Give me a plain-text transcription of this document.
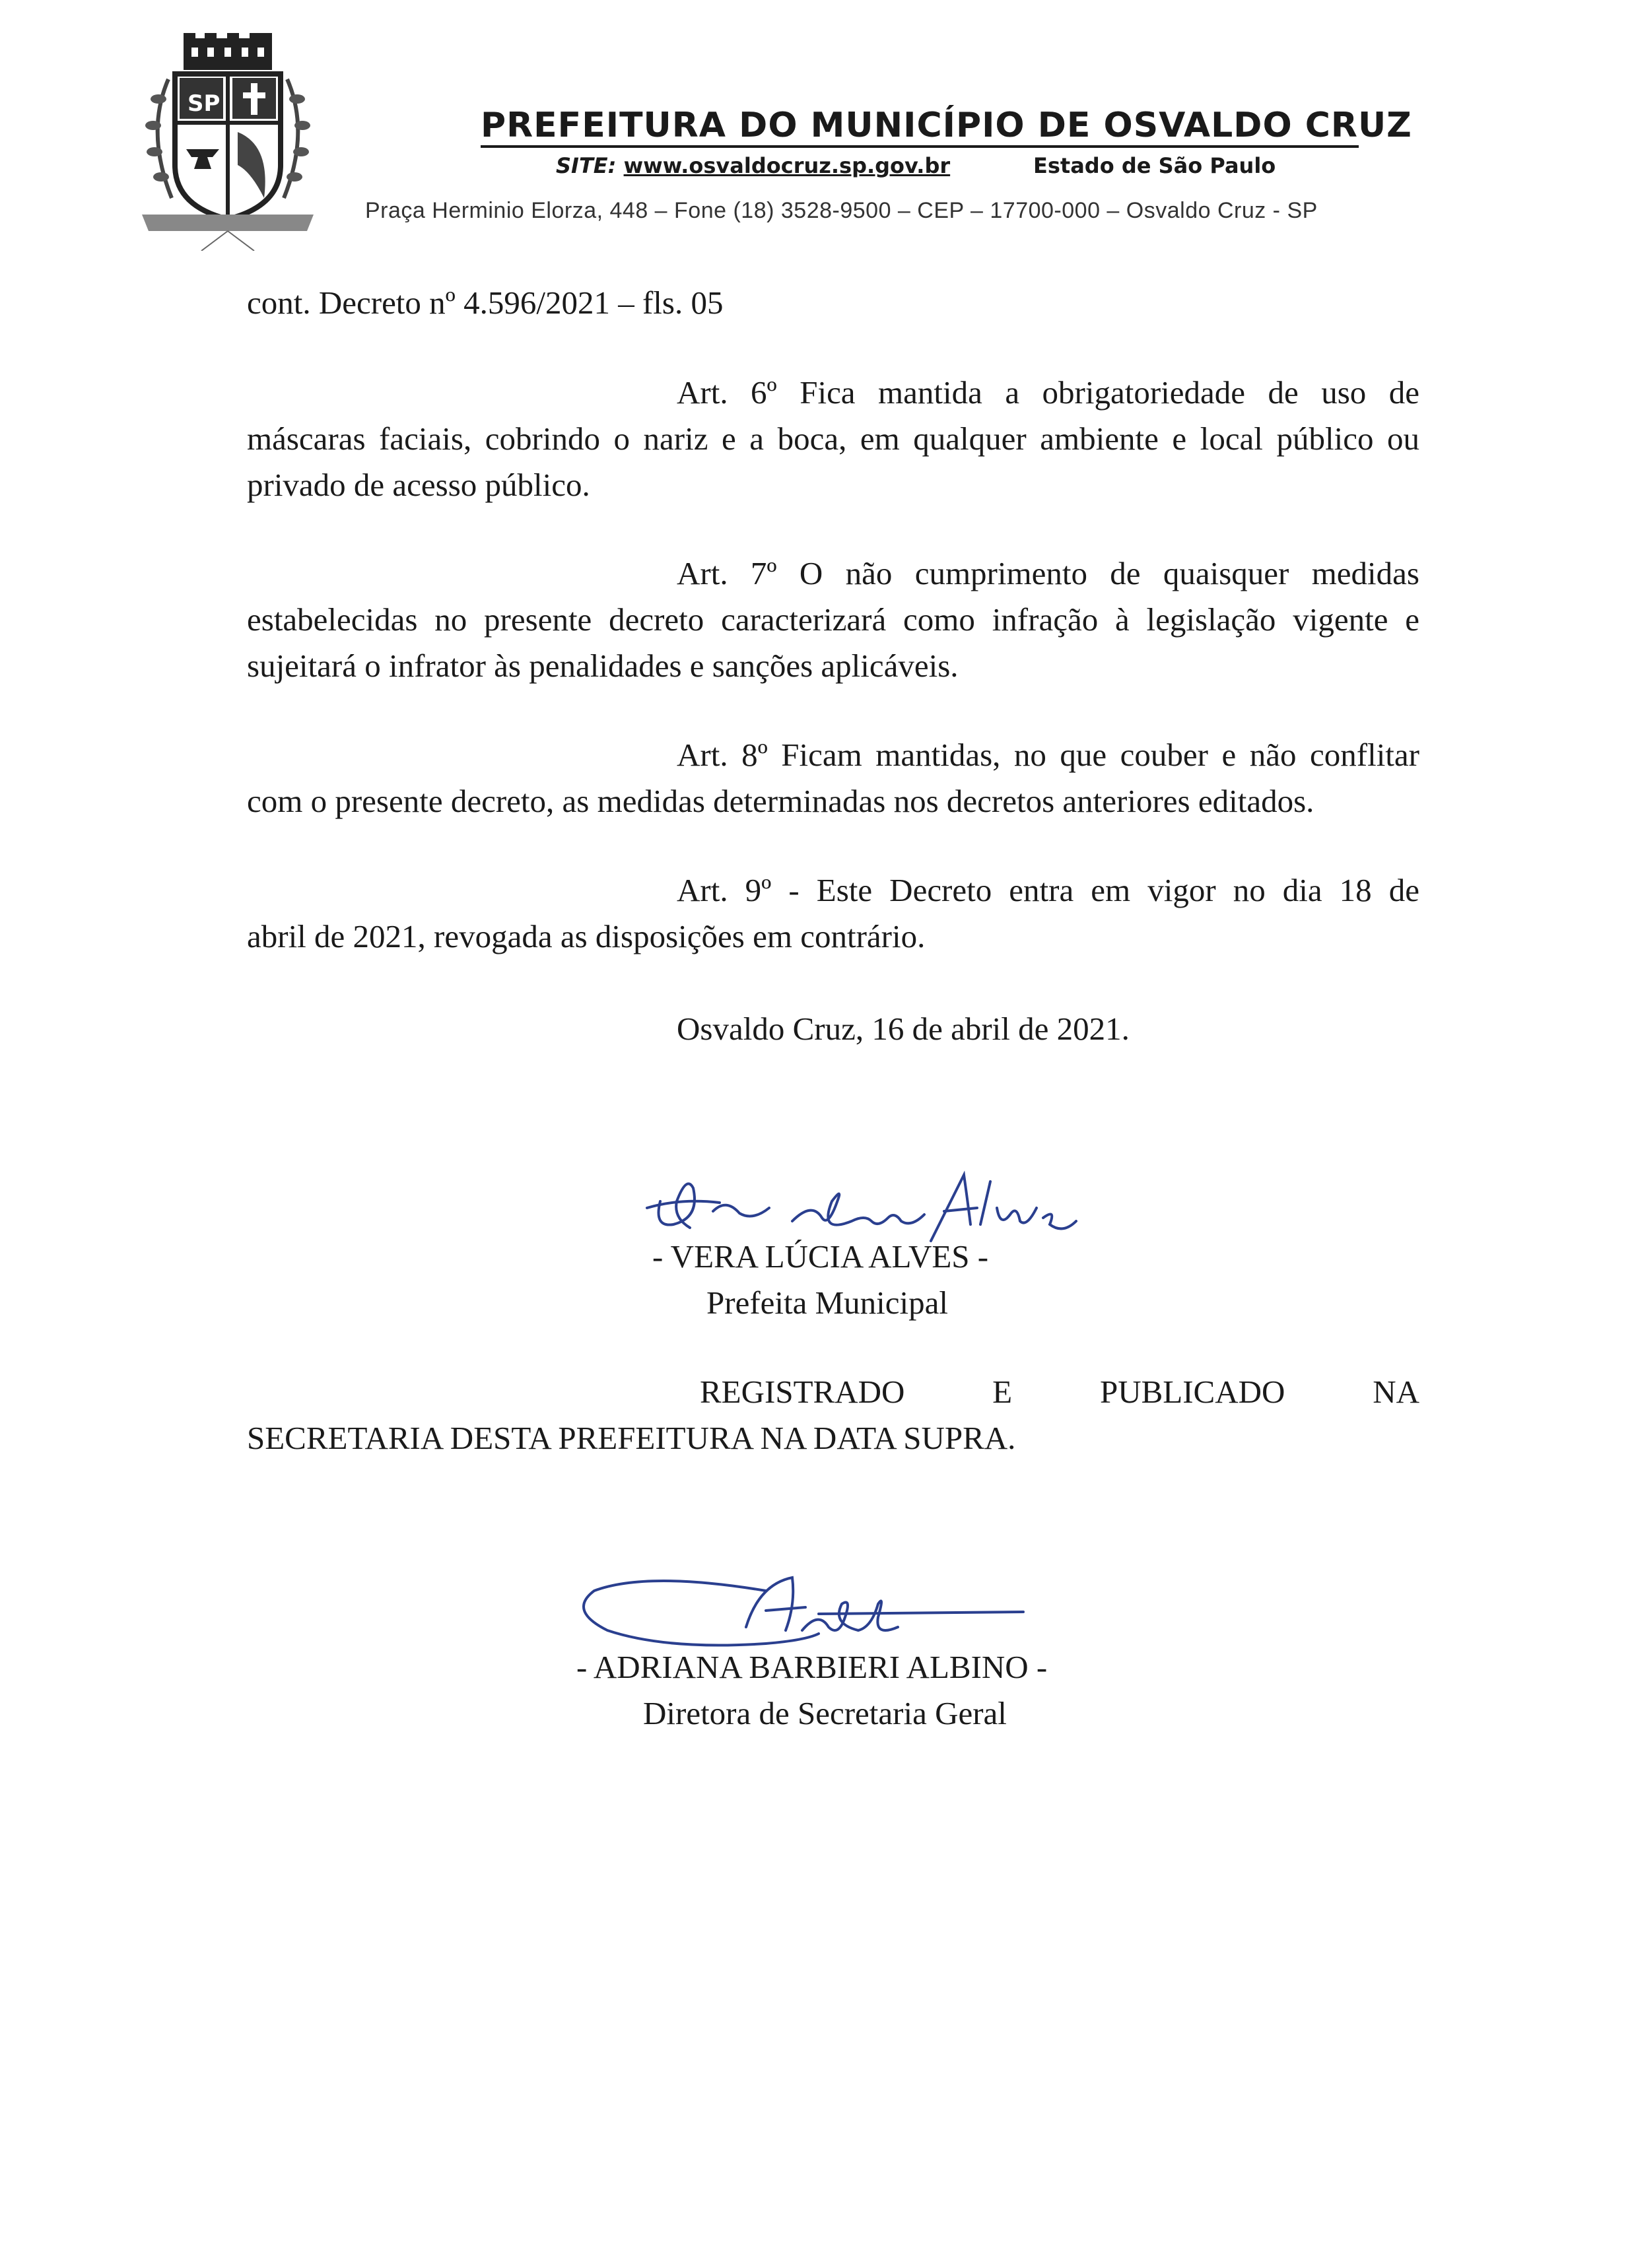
SP
PREFEITURA DO MUNICÍPIO DE OSVALDO CRUZ
SITE: www.osvaldocruz.sp.gov.br	Estado de São Paulo
Praça Herminio Elorza, 448 – Fone (18) 3528-9500 – CEP – 17700-000 – Osvaldo Cruz - SP
cont. Decreto nº 4.596/2021 – fls. 05
Art. 6º Fica mantida a obrigatoriedade de uso de
máscaras faciais, cobrindo o nariz e a boca, em qualquer ambiente e local público ou
privado de acesso público.
Art. 7º O não cumprimento de quaisquer medidas
estabelecidas no presente decreto caracterizará como infração à legislação vigente e
sujeitará o infrator às penalidades e sanções aplicáveis.
Art. 8º Ficam mantidas, no que couber e não conflitar
com o presente decreto, as medidas determinadas nos decretos anteriores editados.
Art. 9º - Este Decreto entra em vigor no dia 18 de
abril de 2021, revogada as disposições em contrário.
Osvaldo Cruz, 16 de abril de 2021.
- VERA LÚCIA ALVES -
Prefeita Municipal
REGISTRADO E PUBLICADO NA
SECRETARIA DESTA PREFEITURA NA DATA SUPRA.
- ADRIANA BARBIERI ALBINO -
Diretora de Secretaria Geral
